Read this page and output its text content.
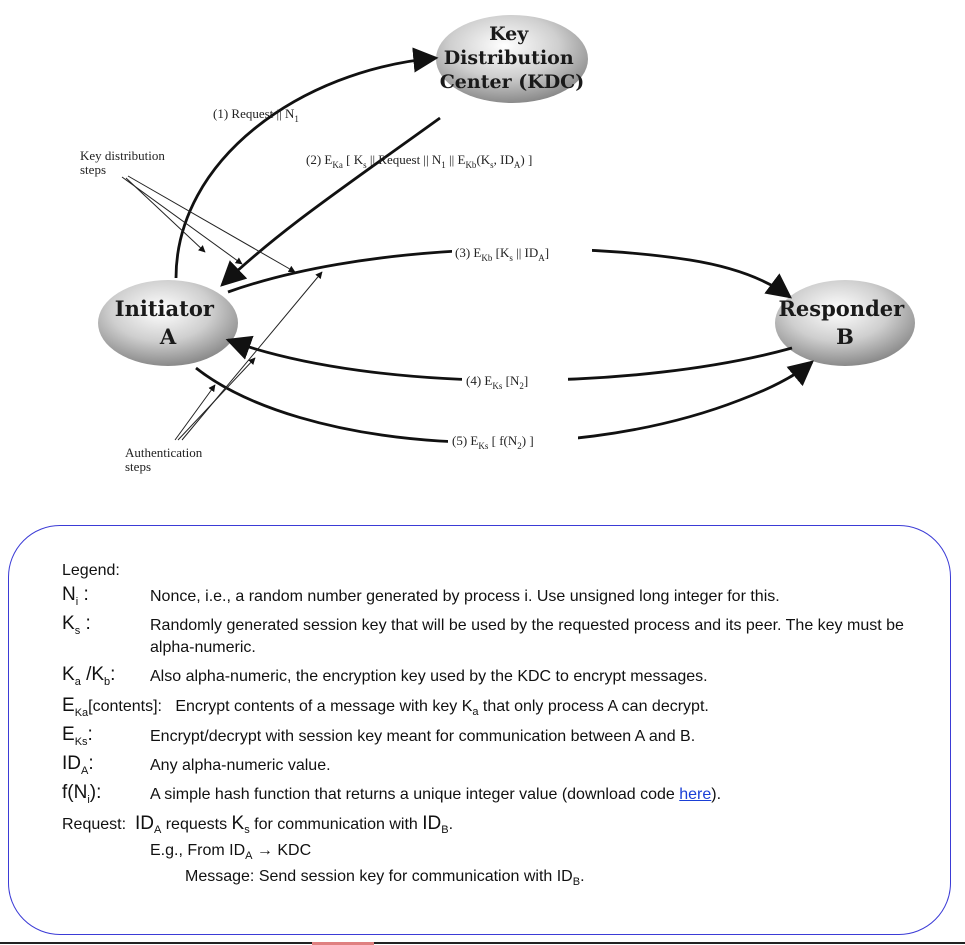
Key Distribution Center (KDC)
Initiator A
Responder B
(1) Request || $N_1$
(2) $E_{Ka}$ [ $K_s$ || Request || $N_1$ || $E_{Kb}(K_s$, $ID_A$) ]
(3) $E_{Kb}$ [$K_s$ || $ID_A$]
(4) $E_{Ks}$ $[N_2]$
(5) $E_{Ks}$ [ $f(N_2)$ ]
Key distribution steps
Authentication steps
Legend:
$N_i$ :	Nonce, i.e., a random number generated by process i. Use unsigned long integer for this.
$K_s$ :	Randomly generated session key that will be used by the requested process and its peer. The key must be alpha-numeric.
$K_a$ $/K_b$: Also alpha-numeric, the encryption key used by the KDC to encrypt messages.
$E_{Ka}[contents]$: Encrypt contents of a message with key $K_a$ that only process A can decrypt.
$E_{Ks}$:	Encrypt/decrypt with session key meant for communication between A and B.
$ID_A$:	Any alpha-numeric value.
$f(N_i)$:	A simple hash function that returns a unique integer value (download code here).
Request: $ID_A$ requests $K_s$ for communication with $ID_B$.
E.g., From $ID_A$ → KDC
Message: Send session key for communication with $ID_B$.
